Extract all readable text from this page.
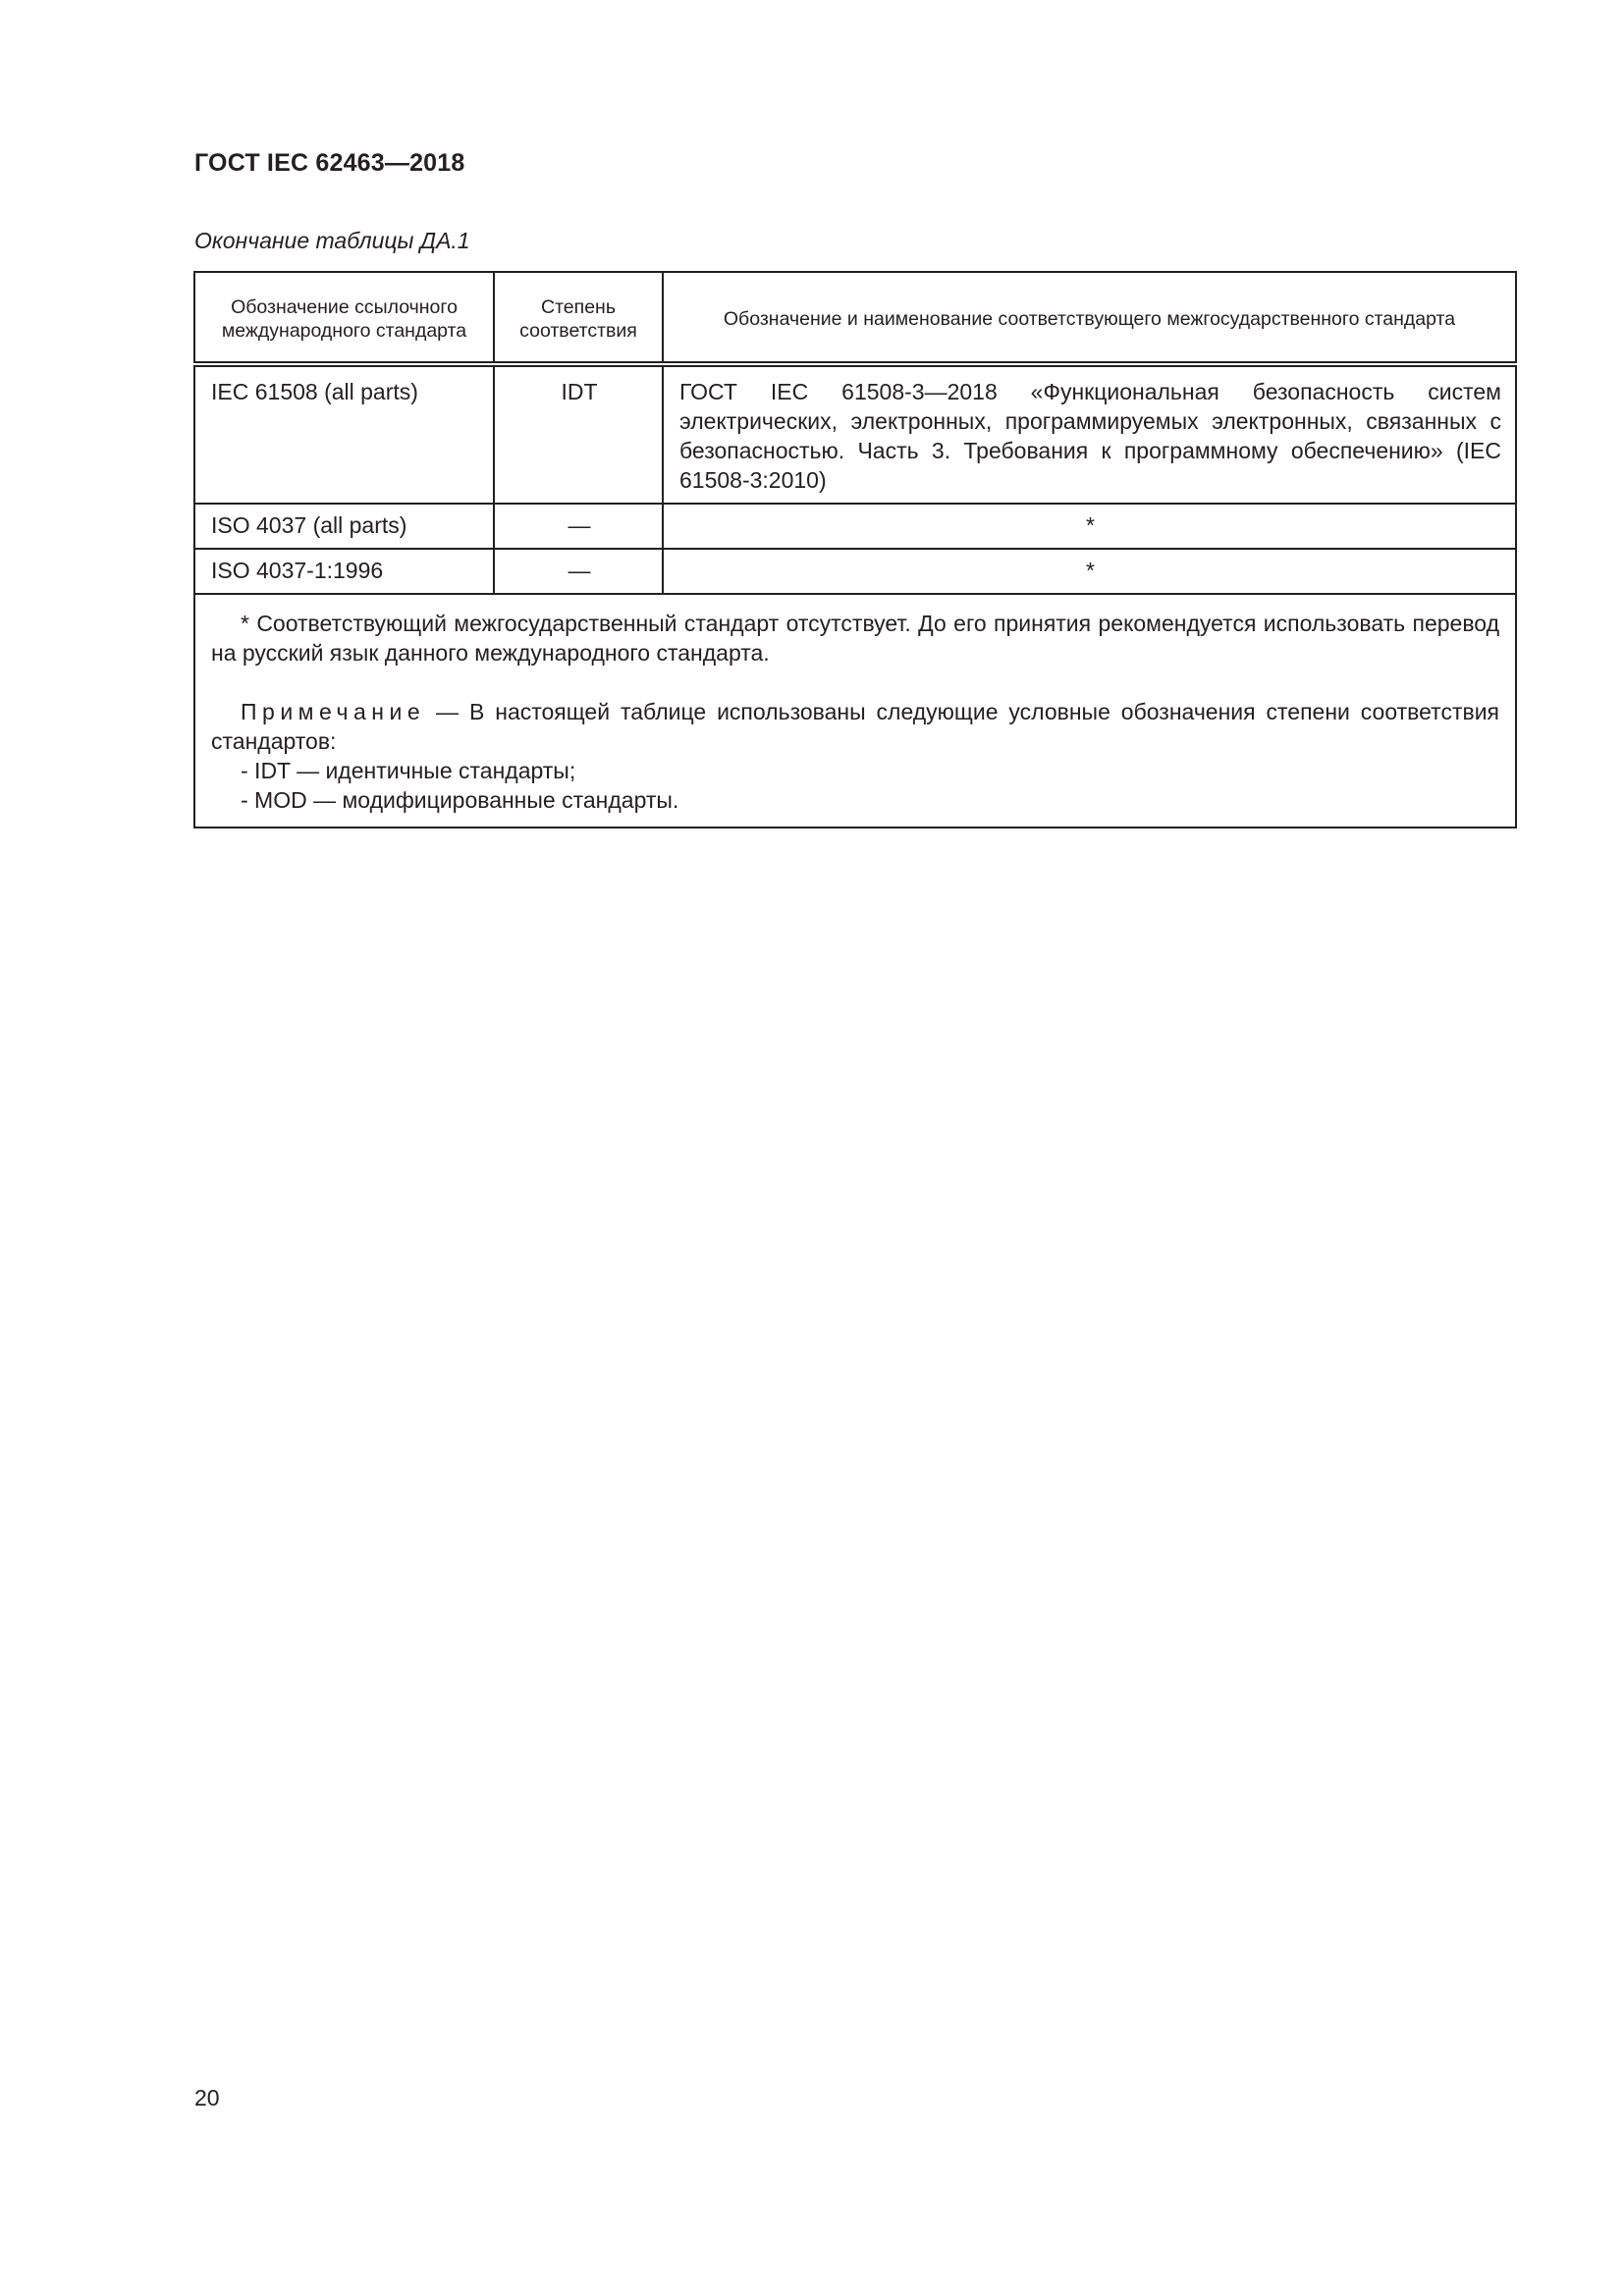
ГОСТ IEC 62463—2018
Окончание таблицы ДА.1
Обозначение ссылочного международного стандарта	Степень соответствия	Обозначение и наименование соответствующего межгосударственного стандарта
IEC 61508 (all parts)	IDT	ГОСТ IEC 61508-3—2018 «Функциональная безопасность систем электрических, электронных, программируемых электронных, связанных с безопасностью. Часть 3. Требования к программному обеспечению» (IEC 61508-3:2010)
ISO 4037 (all parts)	—	*
ISO 4037-1:1996	—	*

* Соответствующий межгосударственный стандарт отсутствует. До его принятия рекомендуется использовать перевод на русский язык данного международного стандарта.

Примечание — В настоящей таблице использованы следующие условные обозначения степени соответствия стандартов:

- IDT — идентичные стандарты;

- MOD — модифицированные стандарты.		

20
